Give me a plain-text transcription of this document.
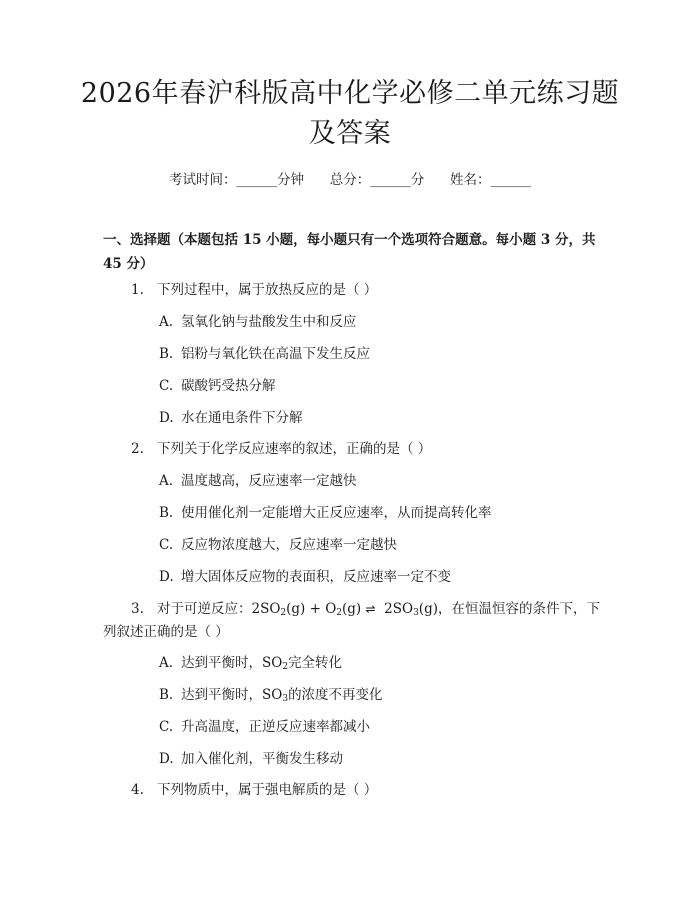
2026年春沪科版高中化学必修二单元练习题
及答案
考试时间：______分钟 总分：______分 姓名：______
一、选择题（本题包括 15 小题，每小题只有一个选项符合题意。每小题 3 分，共
45 分）
1. 下列过程中，属于放热反应的是（ ）
A. 氢氧化钠与盐酸发生中和反应
B. 铝粉与氧化铁在高温下发生反应
C. 碳酸钙受热分解
D. 水在通电条件下分解
2. 下列关于化学反应速率的叙述，正确的是（ ）
A. 温度越高，反应速率一定越快
B. 使用催化剂一定能增大正反应速率，从而提高转化率
C. 反应物浓度越大，反应速率一定越快
D. 增大固体反应物的表面积，反应速率一定不变
3. 对于可逆反应：$2SO_2(g) + O_2(g)$ ⇌ $2SO_3(g)$，在恒温恒容的条件下，下
列叙述正确的是（ ）
A. 达到平衡时，$SO_2$完全转化
B. 达到平衡时，$SO_3$的浓度不再变化
C. 升高温度，正逆反应速率都减小
D. 加入催化剂，平衡发生移动
4. 下列物质中，属于强电解质的是（ ）
